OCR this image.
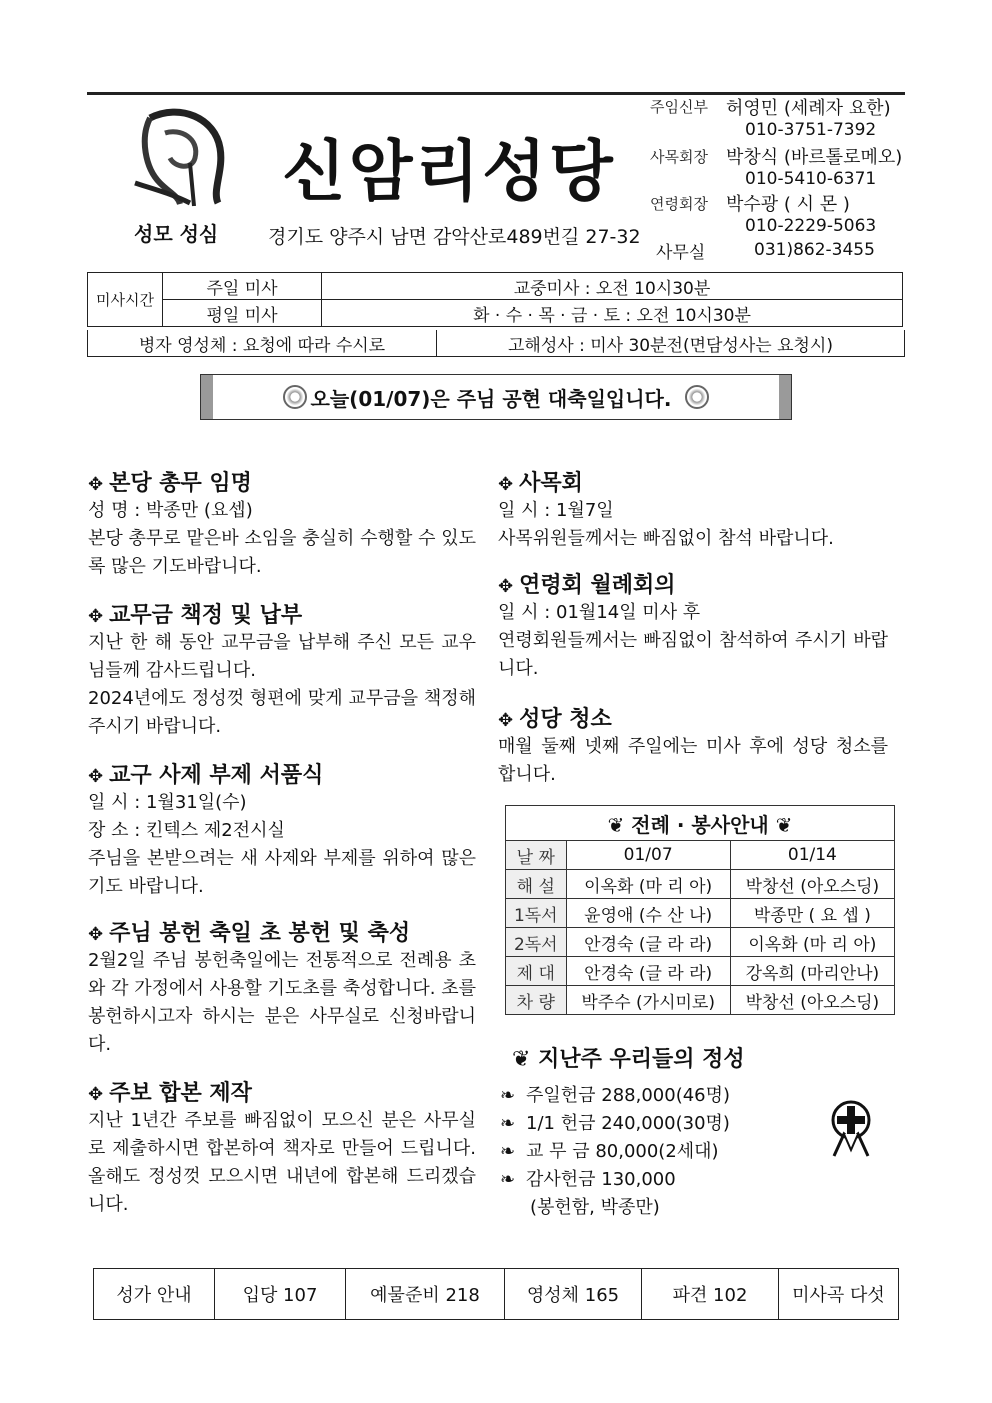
성모 성심
신암리성당
경기도 양주시 남면 감악산로489번길 27-32
주임신부 허영민 (세례자 요한)
010-3751-7392
사목회장 박창식 (바르톨로메오)
010-5410-6371
연령회장 박수광 ( 시 몬 )
010-2229-5063
사무실	031)862-3455
미사시간	주일 미사	교중미사 : 오전 10시30분
	평일 미사	화 · 수 · 목 · 금 · 토 : 오전 10시30분
병자 영성체 : 요청에 따라 수시로	고해성사 : 미사 30분전(면담성사는 요청시)
오늘(01/07)은 주님 공현 대축일입니다.
✥ 본당 총무 임명
성 명 : 박종만 (요셉)
본당 총무로 맡은바 소임을 충실히 수행할 수 있도록 많은 기도바랍니다.
✥ 교무금 책정 및 납부
지난 한 해 동안 교무금을 납부해 주신 모든 교우님들께 감사드립니다.
2024년에도 정성껏 형편에 맞게 교무금을 책정해 주시기 바랍니다.
✥ 교구 사제 부제 서품식
일 시 : 1월31일(수)
장 소 : 킨텍스 제2전시실
주님을 본받으려는 새 사제와 부제를 위하여 많은 기도 바랍니다.
✥ 주님 봉헌 축일 초 봉헌 및 축성
2월2일 주님 봉헌축일에는 전통적으로 전례용 초와 각 가정에서 사용할 기도초를 축성합니다. 초를 봉헌하시고자 하시는 분은 사무실로 신청바랍니다.
✥ 주보 합본 제작
지난 1년간 주보를 빠짐없이 모으신 분은 사무실로 제출하시면 합본하여 책자로 만들어 드립니다. 올해도 정성껏 모으시면 내년에 합본해 드리겠습니다.
✥ 사목회
일 시 : 1월7일
사목위원들께서는 빠짐없이 참석 바랍니다.
✥ 연령회 월례회의
일 시 : 01월14일 미사 후
연령회원들께서는 빠짐없이 참석하여 주시기 바랍니다.
✥ 성당 청소
매월 둘째 넷째 주일에는 미사 후에 성당 청소를 합니다.
❦ 전례 · 봉사안내 ❦		
날 짜	01/07	01/14
해 설	이옥화 (마 리 아)	박창선 (아오스딩)
1독서	윤영애 (수 산 나)	박종만 ( 요 셉 )
2독서	안경숙 (글 라 라)	이옥화 (마 리 아)
제 대	안경숙 (글 라 라)	강옥희 (마리안나)
차 량	박주수 (가시미로)	박창선 (아오스딩)
❦ 지난주 우리들의 정성
❧ 주일헌금 288,000(46명)
❧ 1/1 헌금 240,000(30명)
❧ 교 무 금 80,000(2세대)
❧ 감사헌금 130,000
(봉헌함, 박종만)
성가 안내	입당 107	예물준비 218	영성체 165	파견 102	미사곡 다섯
